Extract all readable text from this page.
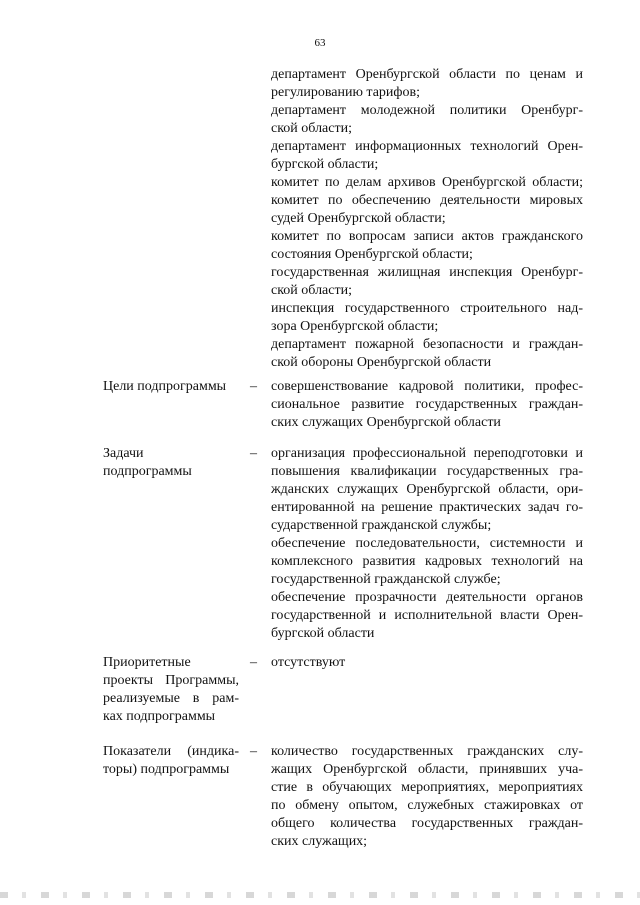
63
департамент Оренбургской области по ценам и
регулированию тарифов;
департамент молодежной политики Оренбург-
ской области;
департамент информационных технологий Орен-
бургской области;
комитет по делам архивов Оренбургской области;
комитет по обеспечению деятельности мировых
судей Оренбургской области;
комитет по вопросам записи актов гражданского
состояния Оренбургской области;
государственная жилищная инспекция Оренбург-
ской области;
инспекция государственного строительного над-
зора Оренбургской области;
департамент пожарной безопасности и граждан-
ской обороны Оренбургской области
Цели подпрограммы	– совершенствование кадровой политики, профес-
сиональное развитие государственных граждан-
ских служащих Оренбургской области
Задачи
подпрограммы
– организация профессиональной переподготовки и
повышения квалификации государственных гра-
жданских служащих Оренбургской области, ори-
ентированной на решение практических задач го-
сударственной гражданской службы;
обеспечение последовательности, системности и
комплексного развития кадровых технологий на
государственной гражданской службе;
обеспечение прозрачности деятельности органов
государственной и исполнительной власти Орен-
бургской области
Приоритетные
проекты Программы,
реализуемые в рам-
ках подпрограммы
– отсутствуют
Показатели (индика-
торы) подпрограммы
– количество государственных гражданских слу-
жащих Оренбургской области, принявших уча-
стие в обучающих мероприятиях, мероприятиях
по обмену опытом, служебных стажировках от
общего количества государственных граждан-
ских служащих;
